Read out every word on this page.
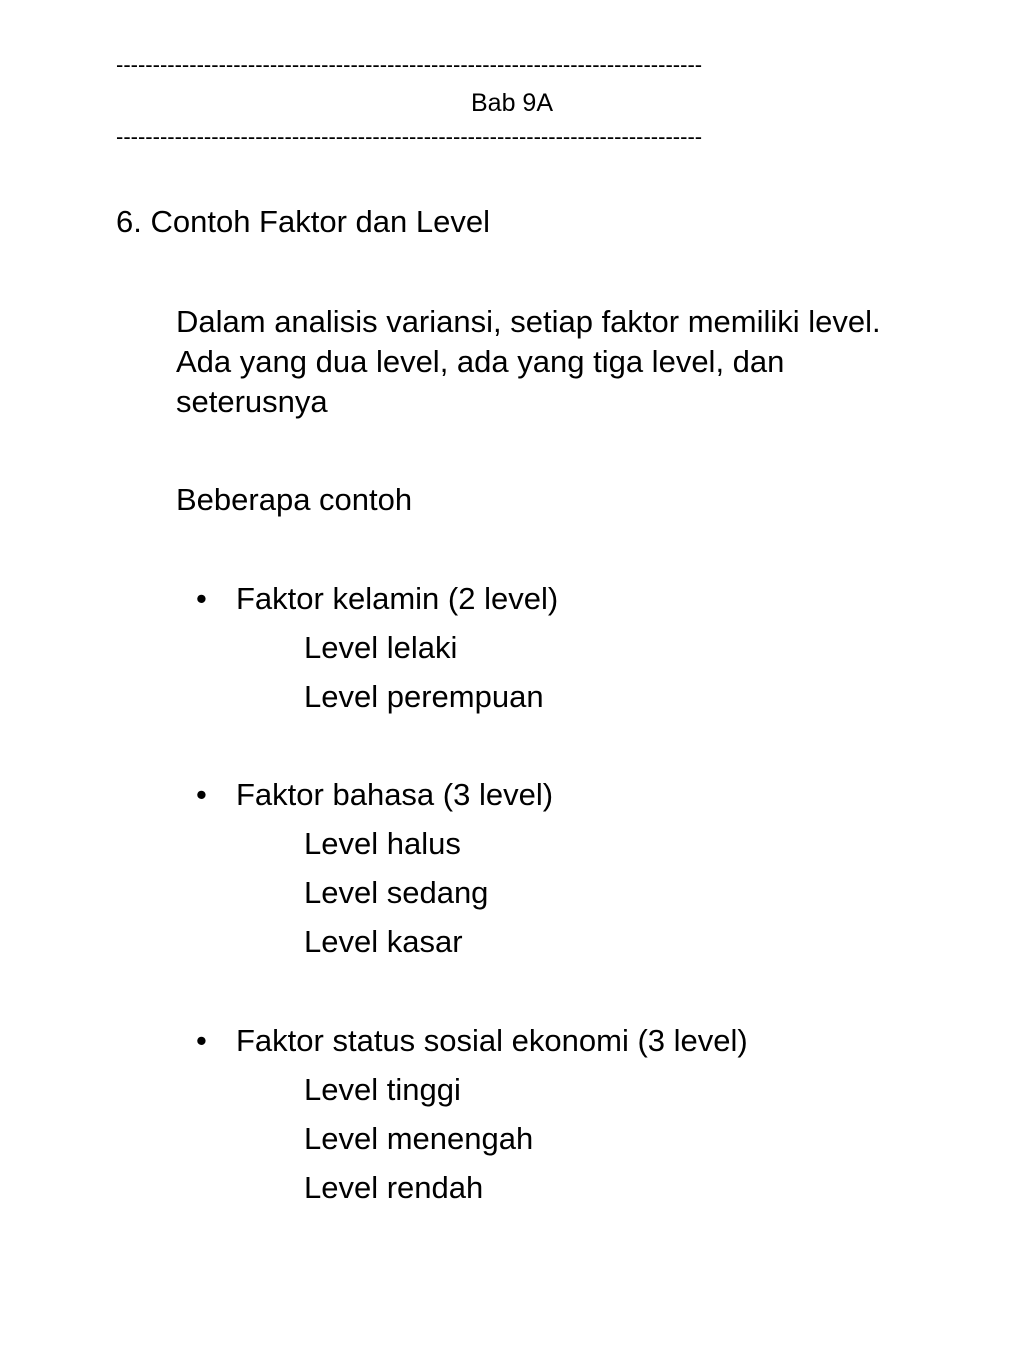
--------------------------------------------------------------------------------
Bab 9A
--------------------------------------------------------------------------------
6. Contoh Faktor dan Level
Dalam analisis variansi, setiap faktor memiliki level.
Ada yang dua level, ada yang tiga level, dan
seterusnya
Beberapa contoh
• Faktor kelamin (2 level)
Level lelaki
Level perempuan
• Faktor bahasa (3 level)
Level halus
Level sedang
Level kasar
• Faktor status sosial ekonomi (3 level)
Level tinggi
Level menengah
Level rendah
